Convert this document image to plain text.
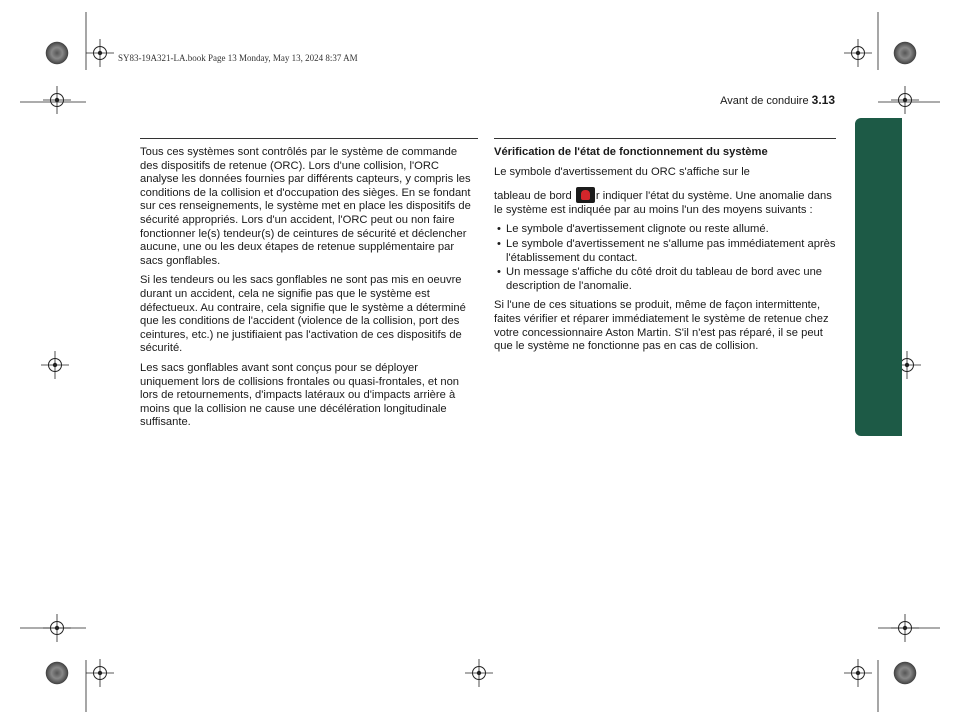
SY83-19A321-LA.book Page 13 Monday, May 13, 2024 8:37 AM
Avant de conduire 3.13

Tous ces systèmes sont contrôlés par le système de commande des dispositifs de retenue (ORC). Lors d'une collision, l'ORC analyse les données fournies par différents capteurs, y compris les conditions de la collision et d'occupation des sièges. En se fondant sur ces renseignements, le système met en place les dispositifs de sécurité appropriés. Lors d'un accident, l'ORC peut ou non faire fonctionner le(s) tendeur(s) de ceintures de sécurité et déclencher aucune, une ou les deux étapes de retenue supplémentaire par sacs gonflables.

Si les tendeurs ou les sacs gonflables ne sont pas mis en oeuvre durant un accident, cela ne signifie pas que le système est défectueux. Au contraire, cela signifie que le système a déterminé que les conditions de l'accident (violence de la collision, port des ceintures, etc.) ne justifiaient pas l'activation de ces dispositifs de sécurité.

Les sacs gonflables avant sont conçus pour se déployer uniquement lors de collisions frontales ou quasi-frontales, et non lors de retournements, d'impacts latéraux ou d'impacts arrière à moins que la collision ne cause une décélération longitudinale suffisante.

Vérification de l'état de fonctionnement du système

Le symbole d'avertissement du ORC s'affiche sur le

tableau de bord r indiquer l'état du système. Une anomalie dans le système est indiquée par au moins l'un des moyens suivants :

• Le symbole d'avertissement clignote ou reste allumé.
• Le symbole d'avertissement ne s'allume pas immédiatement après l'établissement du contact.
• Un message s'affiche du côté droit du tableau de bord avec une description de l'anomalie.

Si l'une de ces situations se produit, même de façon intermittente, faites vérifier et réparer immédiatement le système de retenue chez votre concessionnaire Aston Martin. S'il n'est pas réparé, il se peut que le système ne fonctionne pas en cas de collision.
